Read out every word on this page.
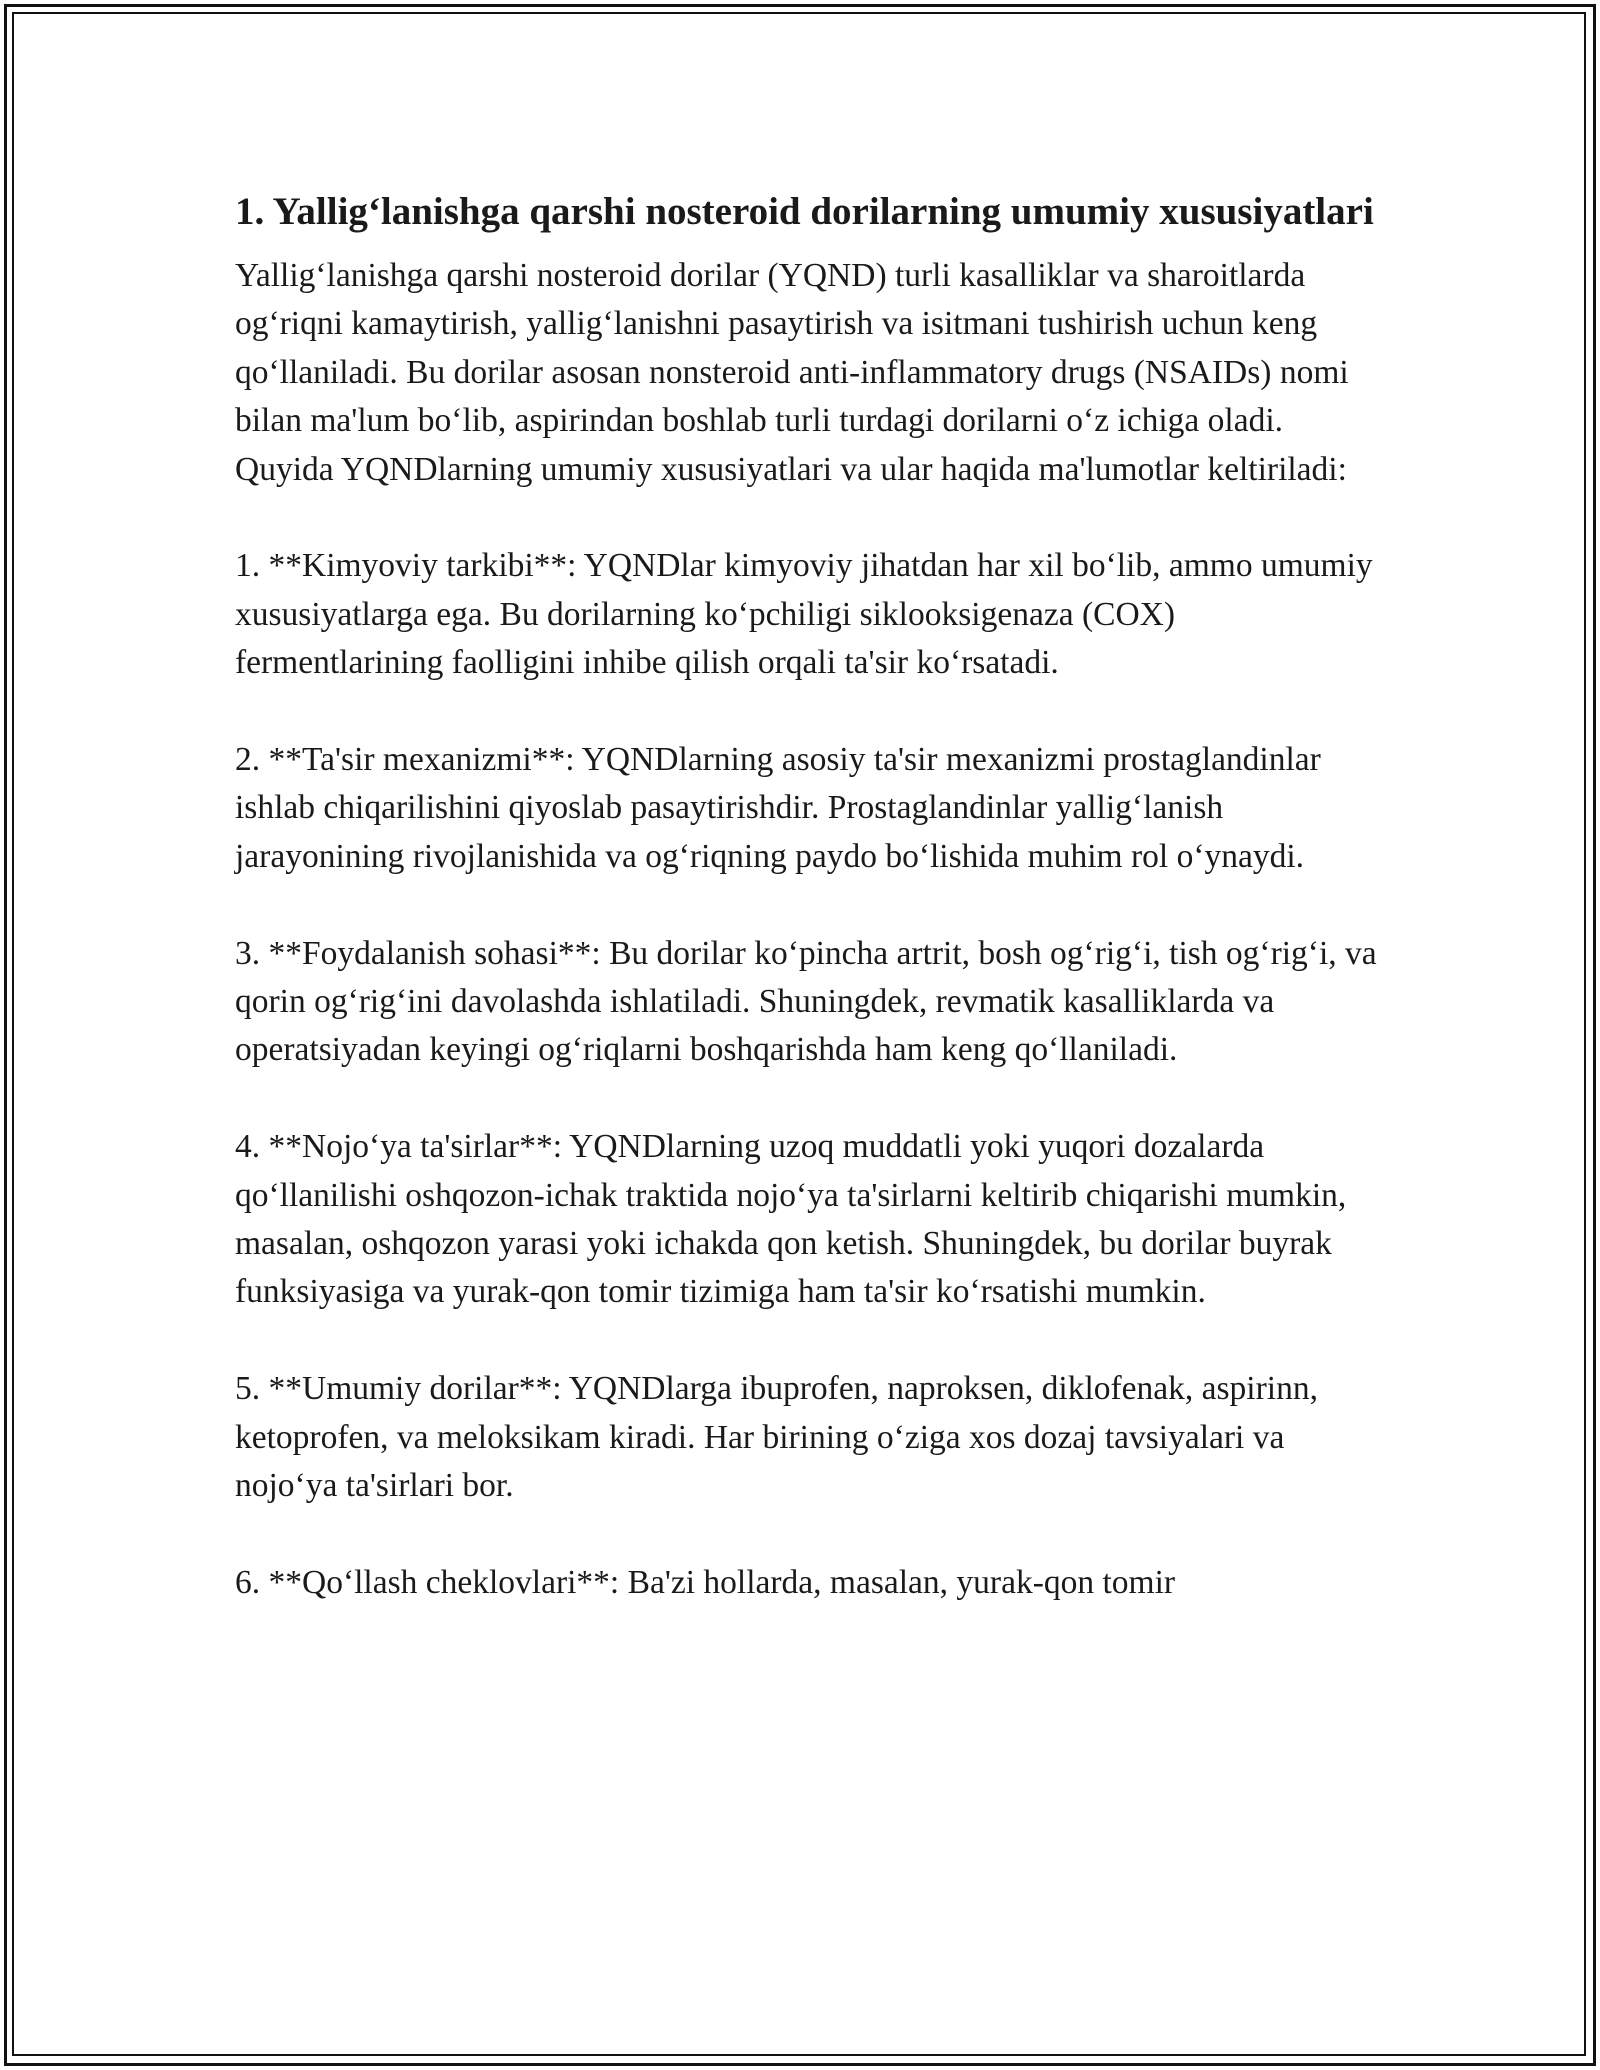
1. Yallig‘lanishga qarshi nosteroid dorilarning umumiy xususiyatlari

Yallig‘lanishga qarshi nosteroid dorilar (YQND) turli kasalliklar va sharoitlarda og‘riqni kamaytirish, yallig‘lanishni pasaytirish va isitmani tushirish uchun keng qo‘llaniladi. Bu dorilar asosan nonsteroid anti-inflammatory drugs (NSAIDs) nomi bilan ma'lum bo‘lib, aspirindan boshlab turli turdagi dorilarni o‘z ichiga oladi. Quyida YQNDlarning umumiy xususiyatlari va ular haqida ma'lumotlar keltiriladi:

1. **Kimyoviy tarkibi**: YQNDlar kimyoviy jihatdan har xil bo‘lib, ammo umumiy xususiyatlarga ega. Bu dorilarning ko‘pchiligi siklooksigenaza (COX) fermentlarining faolligini inhibe qilish orqali ta'sir ko‘rsatadi.

2. **Ta'sir mexanizmi**: YQNDlarning asosiy ta'sir mexanizmi prostaglandinlar ishlab chiqarilishini qiyoslab pasaytirishdir. Prostaglandinlar yallig‘lanish jarayonining rivojlanishida va og‘riqning paydo bo‘lishida muhim rol o‘ynaydi.

3. **Foydalanish sohasi**: Bu dorilar ko‘pincha artrit, bosh og‘rig‘i, tish og‘rig‘i, va qorin og‘rig‘ini davolashda ishlatiladi. Shuningdek, revmatik kasalliklarda va operatsiyadan keyingi og‘riqlarni boshqarishda ham keng qo‘llaniladi.

4. **Nojo‘ya ta'sirlar**: YQNDlarning uzoq muddatli yoki yuqori dozalarda qo‘llanilishi oshqozon-ichak traktida nojo‘ya ta'sirlarni keltirib chiqarishi mumkin, masalan, oshqozon yarasi yoki ichakda qon ketish. Shuningdek, bu dorilar buyrak funksiyasiga va yurak-qon tomir tizimiga ham ta'sir ko‘rsatishi mumkin.

5. **Umumiy dorilar**: YQNDlarga ibuprofen, naproksen, diklofenak, aspirinn, ketoprofen, va meloksikam kiradi. Har birining o‘ziga xos dozaj tavsiyalari va nojo‘ya ta'sirlari bor.

6. **Qo‘llash cheklovlari**: Ba'zi hollarda, masalan, yurak-qon tomir
